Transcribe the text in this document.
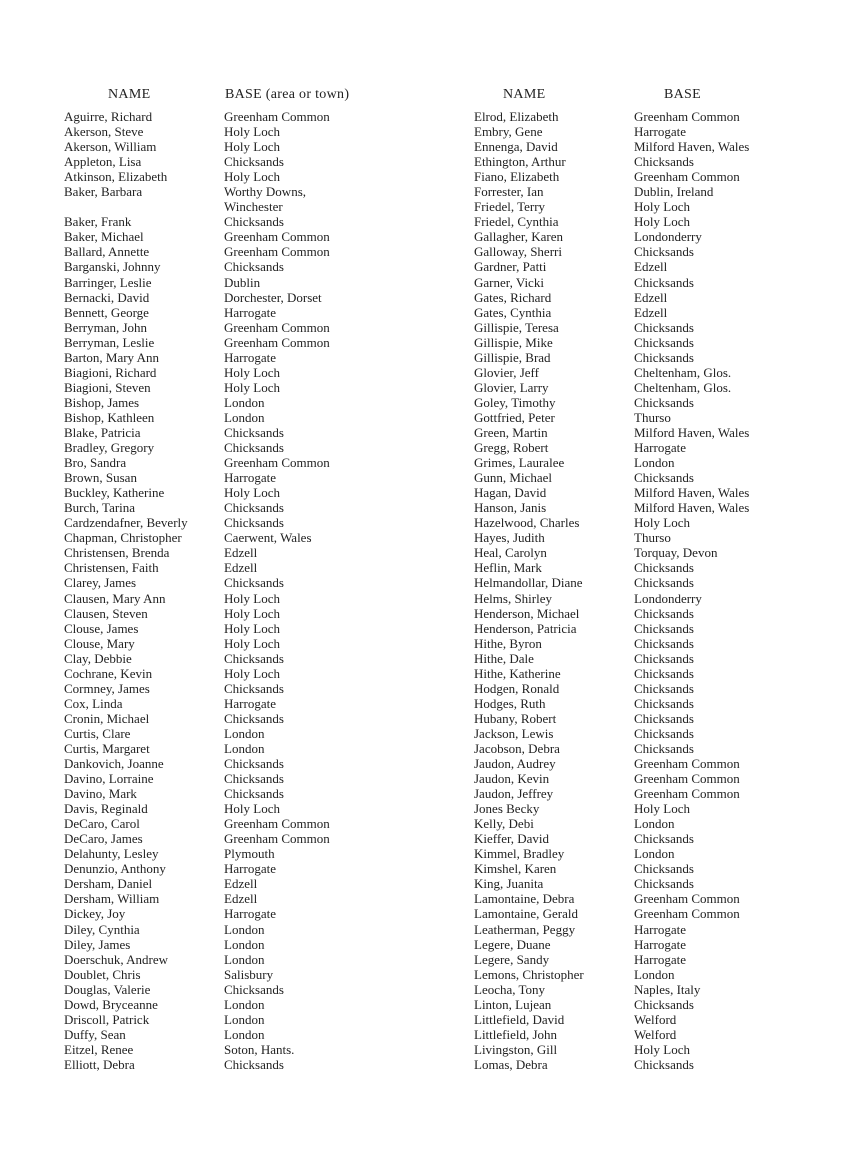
NAME	BASE (area or town)	NAME	BASE
Aguirre, Richard	Greenham Common
Akerson, Steve	Holy Loch
Akerson, William	Holy Loch
Appleton, Lisa	Chicksands
Atkinson, Elizabeth	Holy Loch
Baker, Barbara	Worthy Downs,
Winchester
Baker, Frank	Chicksands
Baker, Michael	Greenham Common
Ballard, Annette	Greenham Common
Barganski, Johnny	Chicksands
Barringer, Leslie	Dublin
Bernacki, David	Dorchester, Dorset
Bennett, George	Harrogate
Berryman, John	Greenham Common
Berryman, Leslie	Greenham Common
Barton, Mary Ann	Harrogate
Biagioni, Richard	Holy Loch
Biagioni, Steven	Holy Loch
Bishop, James	London
Bishop, Kathleen	London
Blake, Patricia	Chicksands
Bradley, Gregory	Chicksands
Bro, Sandra	Greenham Common
Brown, Susan	Harrogate
Buckley, Katherine	Holy Loch
Burch, Tarina	Chicksands
Cardzendafner, Beverly	Chicksands
Chapman, Christopher	Caerwent, Wales
Christensen, Brenda	Edzell
Christensen, Faith	Edzell
Clarey, James	Chicksands
Clausen, Mary Ann	Holy Loch
Clausen, Steven	Holy Loch
Clouse, James	Holy Loch
Clouse, Mary	Holy Loch
Clay, Debbie	Chicksands
Cochrane, Kevin	Holy Loch
Cormney, James	Chicksands
Cox, Linda	Harrogate
Cronin, Michael	Chicksands
Curtis, Clare	London
Curtis, Margaret	London
Dankovich, Joanne	Chicksands
Davino, Lorraine	Chicksands
Davino, Mark	Chicksands
Davis, Reginald	Holy Loch
DeCaro, Carol	Greenham Common
DeCaro, James	Greenham Common
Delahunty, Lesley	Plymouth
Denunzio, Anthony	Harrogate
Dersham, Daniel	Edzell
Dersham, William	Edzell
Dickey, Joy	Harrogate
Diley, Cynthia	London
Diley, James	London
Doerschuk, Andrew	London
Doublet, Chris	Salisbury
Douglas, Valerie	Chicksands
Dowd, Bryceanne	London
Driscoll, Patrick	London
Duffy, Sean	London
Eitzel, Renee	Soton, Hants.
Elliott, Debra	Chicksands
Elrod, Elizabeth	Greenham Common
Embry, Gene	Harrogate
Ennenga, David	Milford Haven, Wales
Ethington, Arthur	Chicksands
Fiano, Elizabeth	Greenham Common
Forrester, Ian	Dublin, Ireland
Friedel, Terry	Holy Loch
Friedel, Cynthia	Holy Loch
Gallagher, Karen	Londonderry
Galloway, Sherri	Chicksands
Gardner, Patti	Edzell
Garner, Vicki	Chicksands
Gates, Richard	Edzell
Gates, Cynthia	Edzell
Gillispie, Teresa	Chicksands
Gillispie, Mike	Chicksands
Gillispie, Brad	Chicksands
Glovier, Jeff	Cheltenham, Glos.
Glovier, Larry	Cheltenham, Glos.
Goley, Timothy	Chicksands
Gottfried, Peter	Thurso
Green, Martin	Milford Haven, Wales
Gregg, Robert	Harrogate
Grimes, Lauralee	London
Gunn, Michael	Chicksands
Hagan, David	Milford Haven, Wales
Hanson, Janis	Milford Haven, Wales
Hazelwood, Charles	Holy Loch
Hayes, Judith	Thurso
Heal, Carolyn	Torquay, Devon
Heflin, Mark	Chicksands
Helmandollar, Diane	Chicksands
Helms, Shirley	Londonderry
Henderson, Michael	Chicksands
Henderson, Patricia	Chicksands
Hithe, Byron	Chicksands
Hithe, Dale	Chicksands
Hithe, Katherine	Chicksands
Hodgen, Ronald	Chicksands
Hodges, Ruth	Chicksands
Hubany, Robert	Chicksands
Jackson, Lewis	Chicksands
Jacobson, Debra	Chicksands
Jaudon, Audrey	Greenham Common
Jaudon, Kevin	Greenham Common
Jaudon, Jeffrey	Greenham Common
Jones Becky	Holy Loch
Kelly, Debi	London
Kieffer, David	Chicksands
Kimmel, Bradley	London
Kimshel, Karen	Chicksands
King, Juanita	Chicksands
Lamontaine, Debra	Greenham Common
Lamontaine, Gerald	Greenham Common
Leatherman, Peggy	Harrogate
Legere, Duane	Harrogate
Legere, Sandy	Harrogate
Lemons, Christopher	London
Leocha, Tony	Naples, Italy
Linton, Lujean	Chicksands
Littlefield, David	Welford
Littlefield, John	Welford
Livingston, Gill	Holy Loch
Lomas, Debra	Chicksands
